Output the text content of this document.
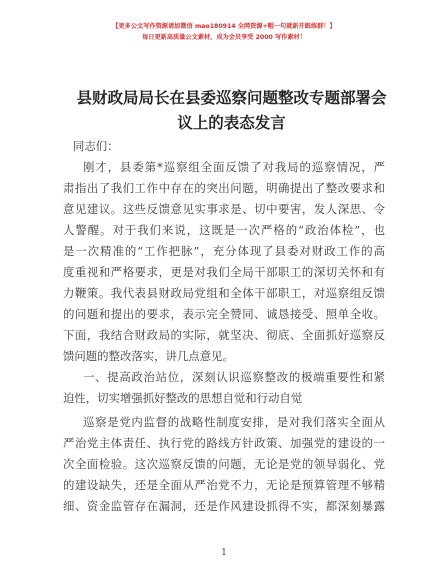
【更多公文写作资源请加微信 mao180914 全网资源+帽一句就新开跟练群！】
每日更新高质量公文素材，成为会员享受 2000 写作素材！
县财政局局长在县委巡察问题整改专题部署会
议上的表态发言
同志们：
刚才，县委第*巡察组全面反馈了对我局的巡察情况，严
肃指出了我们工作中存在的突出问题，明确提出了整改要求和
意见建议。这些反馈意见实事求是、切中要害，发人深思、令
人警醒。对于我们来说，这既是一次严格的“政治体检”，也
是一次精准的“工作把脉”，充分体现了县委对财政工作的高
度重视和严格要求，更是对我们全局干部职工的深切关怀和有
力鞭策。我代表县财政局党组和全体干部职工，对巡察组反馈
的问题和提出的要求，表示完全赞同、诚恳接受、照单全收。
下面，我结合财政局的实际，就坚决、彻底、全面抓好巡察反
馈问题的整改落实，讲几点意见。
一、提高政治站位，深刻认识巡察整改的极端重要性和紧
迫性，切实增强抓好整改的思想自觉和行动自觉
巡察是党内监督的战略性制度安排，是对我们落实全面从
严治党主体责任、执行党的路线方针政策、加强党的建设的一
次全面检验。这次巡察反馈的问题，无论是党的领导弱化、党
的建设缺失，还是全面从严治党不力，无论是预算管理不够精
细、资金监管存在漏洞，还是作风建设抓得不实，都深刻暴露
1
